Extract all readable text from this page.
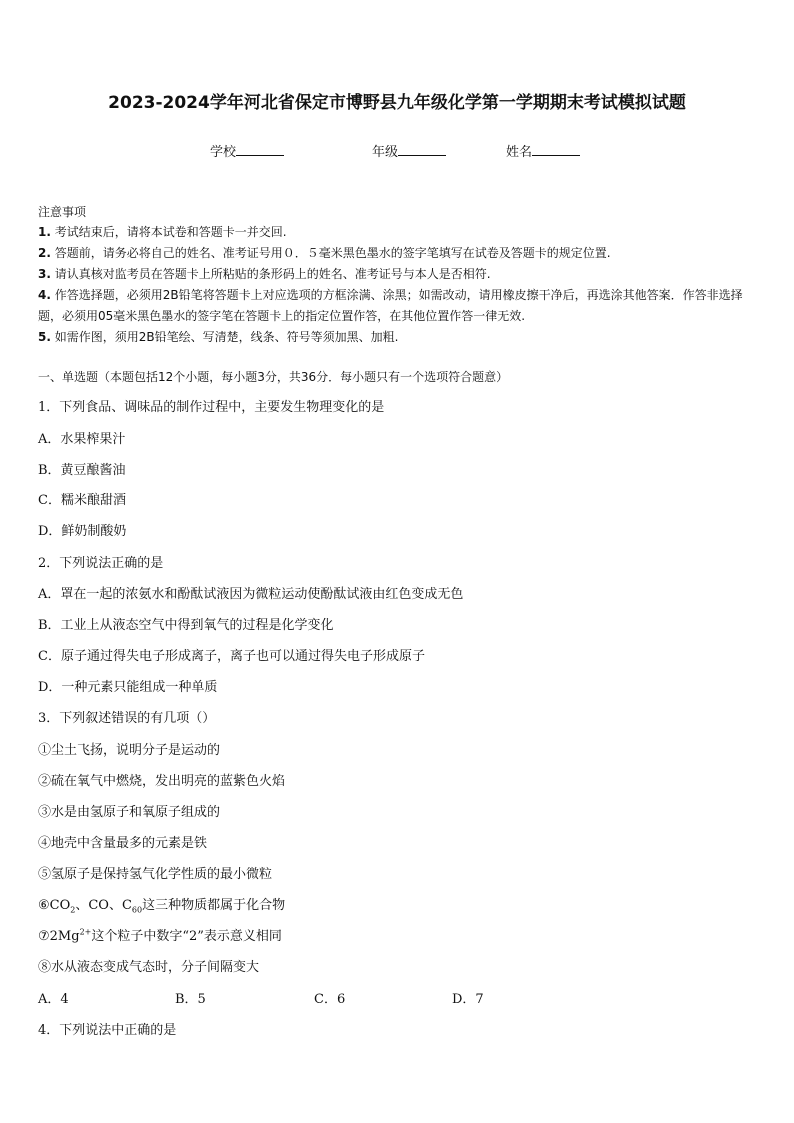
2023-2024学年河北省保定市博野县九年级化学第一学期期末考试模拟试题
学校	年级	姓名
注意事项
1. 考试结束后，请将本试卷和答题卡一并交回.
2. 答题前，请务必将自己的姓名、准考证号用０．５毫米黑色墨水的签字笔填写在试卷及答题卡的规定位置.
3. 请认真核对监考员在答题卡上所粘贴的条形码上的姓名、准考证号与本人是否相符.
4. 作答选择题，必须用2B铅笔将答题卡上对应选项的方框涂满、涂黑；如需改动，请用橡皮擦干净后，再选涂其他答案．作答非选择题，必须用05毫米黑色墨水的签字笔在答题卡上的指定位置作答，在其他位置作答一律无效.
5. 如需作图，须用2B铅笔绘、写清楚，线条、符号等须加黑、加粗.
一、单选题（本题包括12个小题，每小题3分，共36分．每小题只有一个选项符合题意）
1．下列食品、调味品的制作过程中，主要发生物理变化的是
A．水果榨果汁
B．黄豆酿酱油
C．糯米酿甜酒
D．鲜奶制酸奶
2．下列说法正确的是
A．罩在一起的浓氨水和酚酞试液因为微粒运动使酚酞试液由红色变成无色
B．工业上从液态空气中得到氧气的过程是化学变化
C．原子通过得失电子形成离子，离子也可以通过得失电子形成原子
D．一种元素只能组成一种单质
3．下列叙述错误的有几项（）
①尘土飞扬，说明分子是运动的
②硫在氧气中燃烧，发出明亮的蓝紫色火焰
③水是由氢原子和氧原子组成的
④地壳中含量最多的元素是铁
⑤氢原子是保持氢气化学性质的最小微粒
$⑥CO_2$、CO、$C_{60}$这三种物质都属于化合物
$⑦2Mg^{2+}$这个粒子中数字“2”表示意义相同
⑧水从液态变成气态时，分子间隔变大
A．4	B．5	C．6	D．7
4．下列说法中正确的是
